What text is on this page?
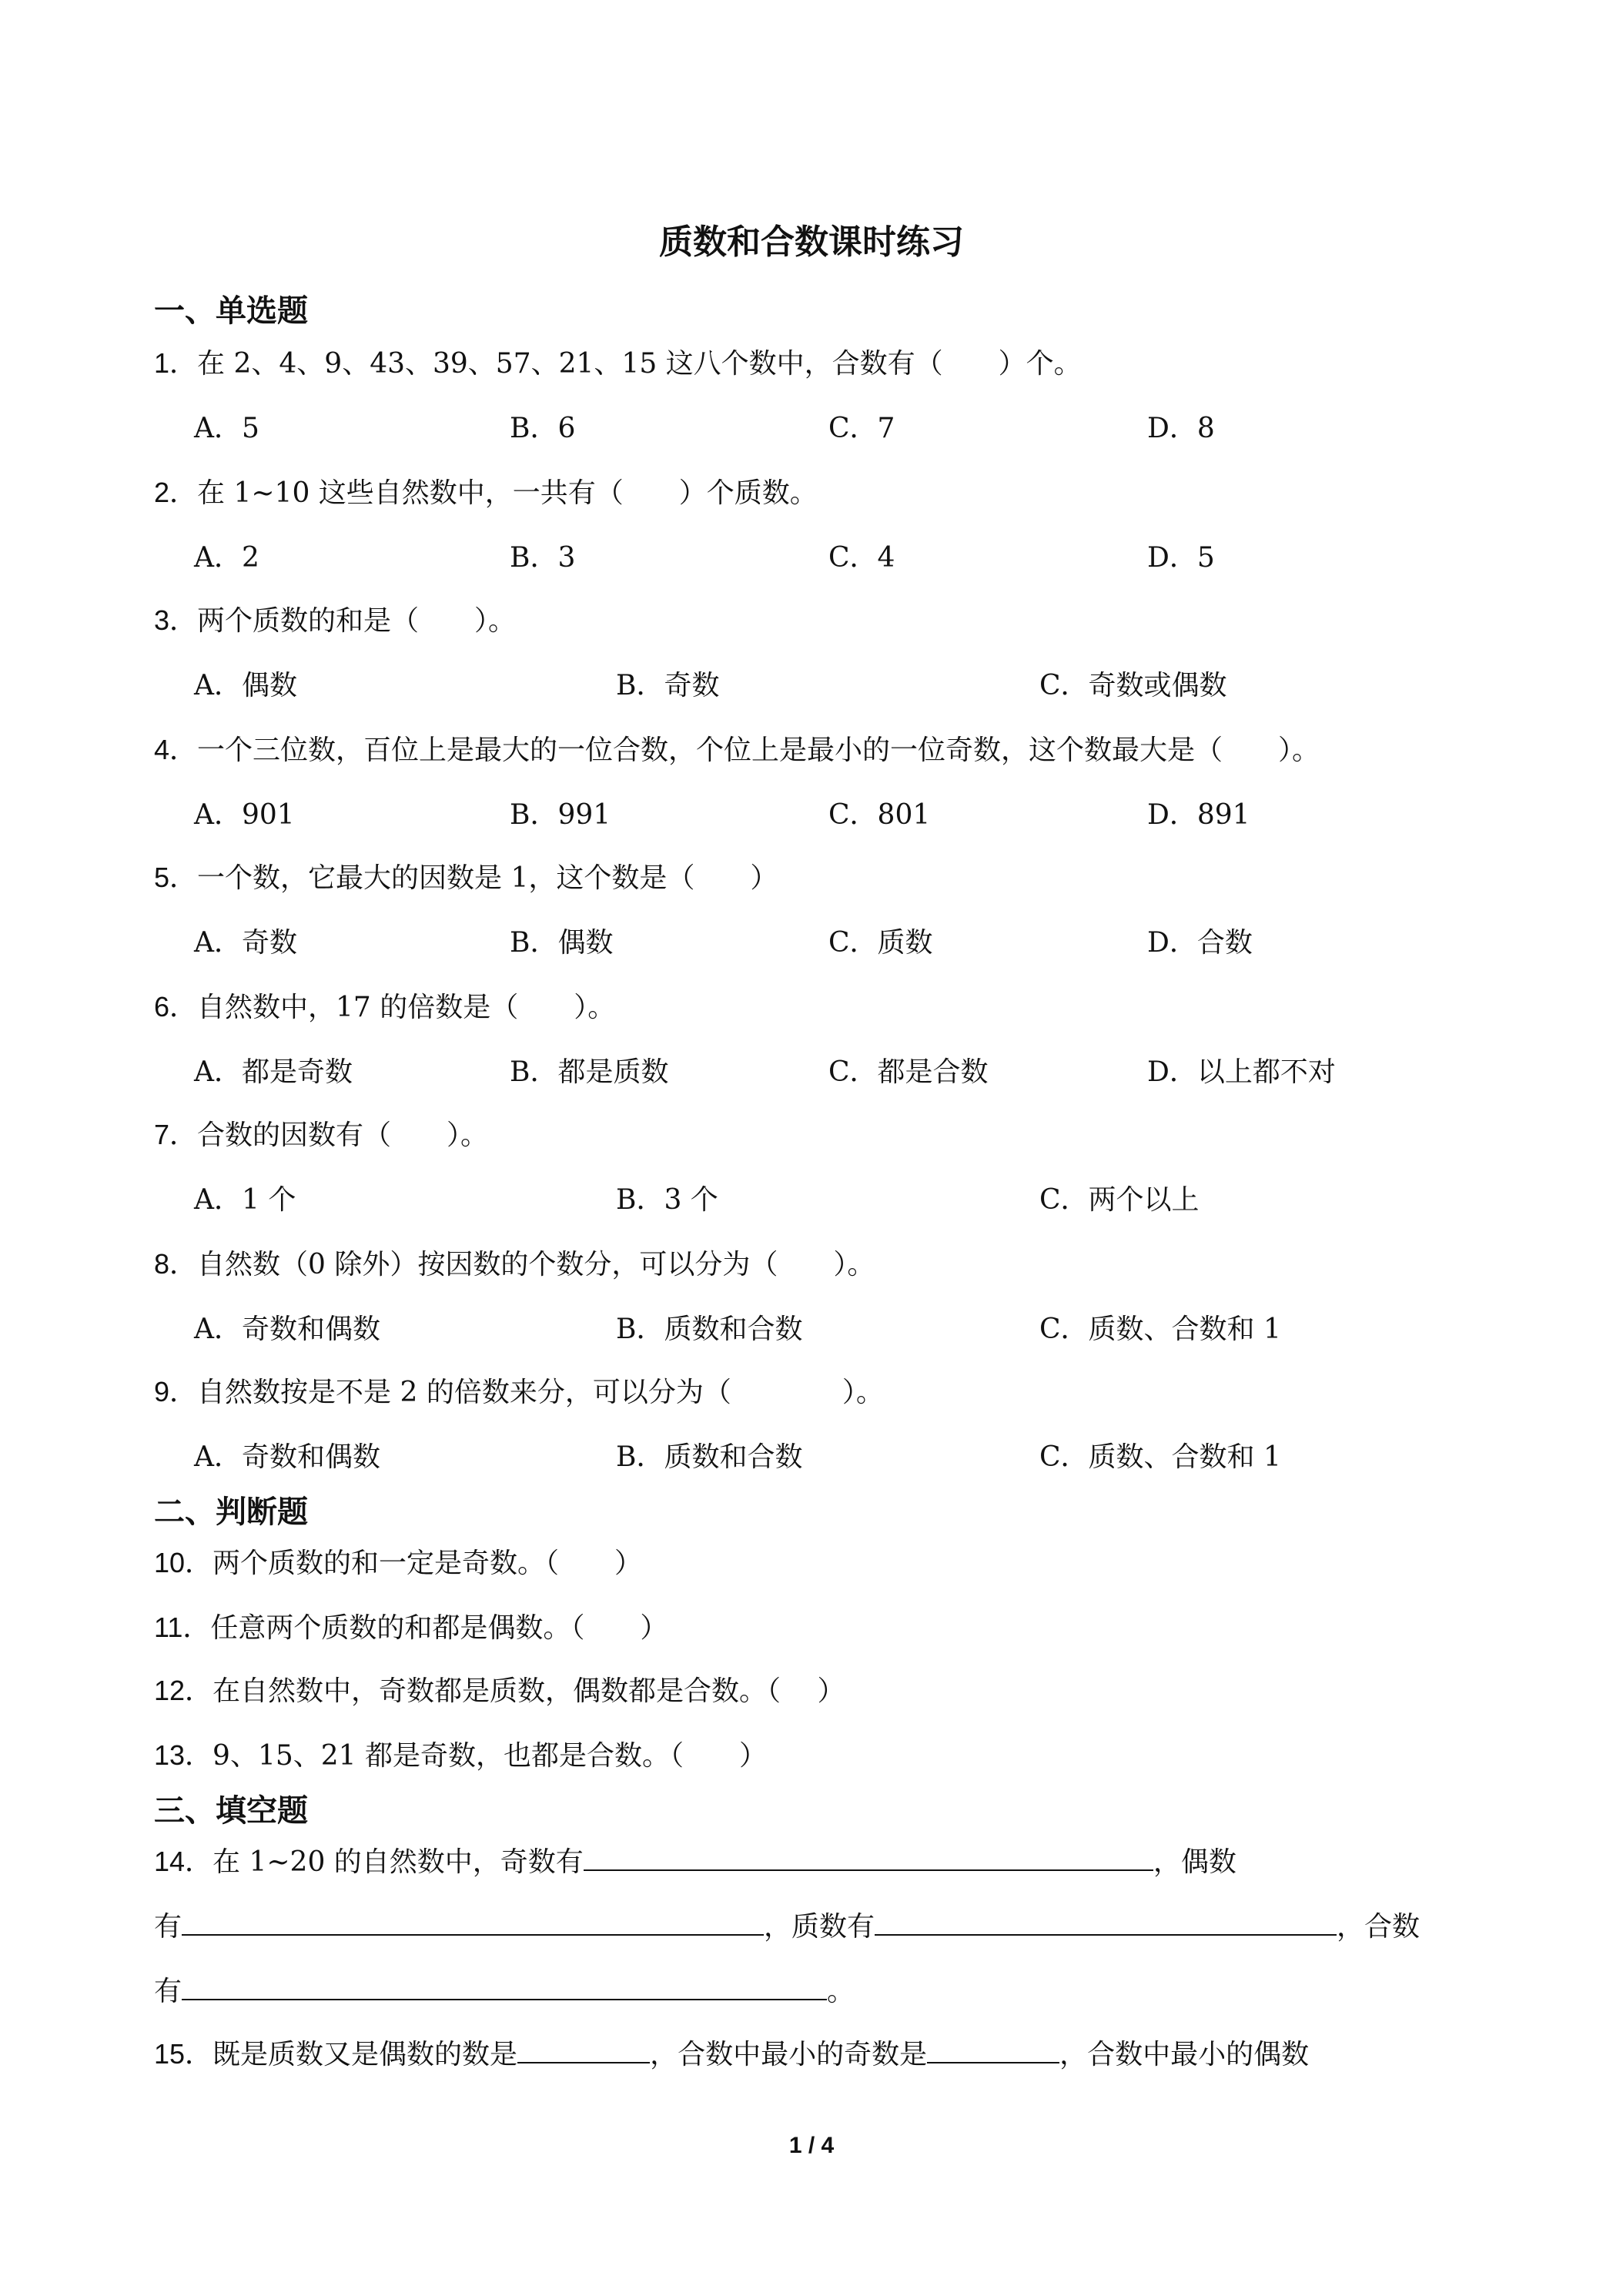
质数和合数课时练习
一、单选题
1．在 2、4、9、43、39、57、21、15 这八个数中，合数有（　　）个。
A．5	B．6	C．7	D．8
2．在 1~10 这些自然数中，一共有（　　）个质数。
A．2	B．3	C．4	D．5
3．两个质数的和是（　　）。
A．偶数	B．奇数	C．奇数或偶数
4．一个三位数，百位上是最大的一位合数，个位上是最小的一位奇数，这个数最大是（　　）。
A．901	B．991	C．801	D．891
5．一个数，它最大的因数是 1，这个数是（　　）
A．奇数	B．偶数	C．质数	D．合数
6．自然数中，17 的倍数是（　　）。
A．都是奇数	B．都是质数	C．都是合数	D．以上都不对
7．合数的因数有（　　）。
A．1 个	B．3 个	C．两个以上
8．自然数（0 除外）按因数的个数分，可以分为（　　）。
A．奇数和偶数	B．质数和合数	C．质数、合数和 1
9．自然数按是不是 2 的倍数来分，可以分为（　　　　）。
A．奇数和偶数	B．质数和合数	C．质数、合数和 1
二、判断题
10．两个质数的和一定是奇数。（　　）
11．任意两个质数的和都是偶数。（　　）
12．在自然数中，奇数都是质数，偶数都是合数。（　 ）
13．9、15、21 都是奇数，也都是合数。（　　）
三、填空题
14．在 1~20 的自然数中，奇数有	，偶数
有	，质数有	，合数
有	。
15．既是质数又是偶数的数是	，合数中最小的奇数是	，合数中最小的偶数
1 / 4
